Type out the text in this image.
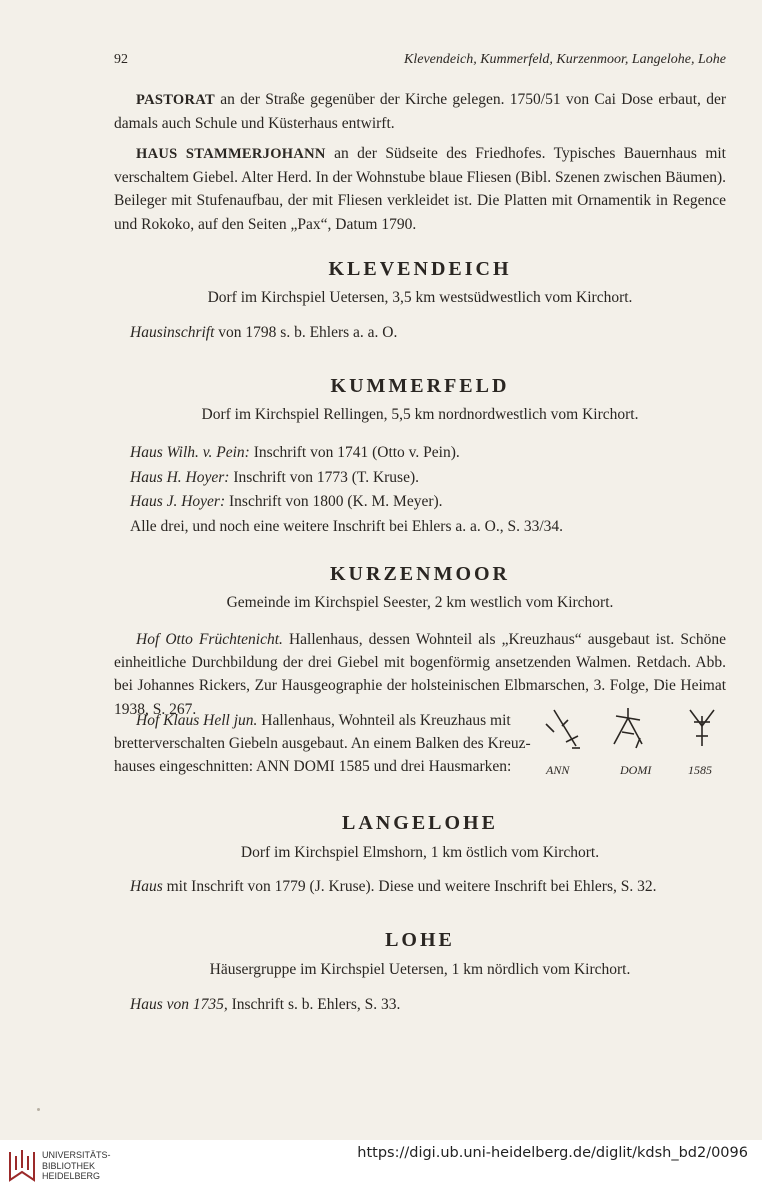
92	Klevendeich, Kummerfeld, Kurzenmoor, Langelohe, Lohe
PASTORAT an der Straße gegenüber der Kirche gelegen. 1750/51 von Cai Dose erbaut, der damals auch Schule und Küsterhaus entwirft.
HAUS STAMMERJOHANN an der Südseite des Friedhofes. Typisches Bauernhaus mit verschaltem Giebel. Alter Herd. In der Wohnstube blaue Fliesen (Bibl. Szenen zwischen Bäumen). Beileger mit Stufenaufbau, der mit Fliesen verkleidet ist. Die Platten mit Ornamentik in Regence und Rokoko, auf den Seiten „Pax“, Datum 1790.
KLEVENDEICH
Dorf im Kirchspiel Uetersen, 3,5 km westsüdwestlich vom Kirchort.
Hausinschrift von 1798 s. b. Ehlers a. a. O.
KUMMERFELD
Dorf im Kirchspiel Rellingen, 5,5 km nordnordwestlich vom Kirchort.
Haus Wilh. v. Pein: Inschrift von 1741 (Otto v. Pein).
Haus H. Hoyer: Inschrift von 1773 (T. Kruse).
Haus J. Hoyer: Inschrift von 1800 (K. M. Meyer).
Alle drei, und noch eine weitere Inschrift bei Ehlers a. a. O., S. 33/34.
KURZENMOOR
Gemeinde im Kirchspiel Seester, 2 km westlich vom Kirchort.
Hof Otto Früchtenicht. Hallenhaus, dessen Wohnteil als „Kreuzhaus“ ausgebaut ist. Schöne einheitliche Durchbildung der drei Giebel mit bogenförmig ansetzenden Walmen. Retdach. Abb. bei Johannes Rickers, Zur Hausgeographie der holsteinischen Elbmarschen, 3. Folge, Die Heimat 1938, S. 267.
Hof Klaus Hell jun. Hallenhaus, Wohnteil als Kreuzhaus mit
bretterverschalten Giebeln ausgebaut. An einem Balken des Kreuz-
hauses eingeschnitten: ANN DOMI 1585 und drei Hausmarken:	ANN	DOMI	1585
LANGELOHE
Dorf im Kirchspiel Elmshorn, 1 km östlich vom Kirchort.
Haus mit Inschrift von 1779 (J. Kruse). Diese und weitere Inschrift bei Ehlers, S. 32.
LOHE
Häusergruppe im Kirchspiel Uetersen, 1 km nördlich vom Kirchort.
Haus von 1735, Inschrift s. b. Ehlers, S. 33.
UNIVERSITÄTS-
BIBLIOTHEK
HEIDELBERG
https://digi.ub.uni-heidelberg.de/diglit/kdsh_bd2/0096
